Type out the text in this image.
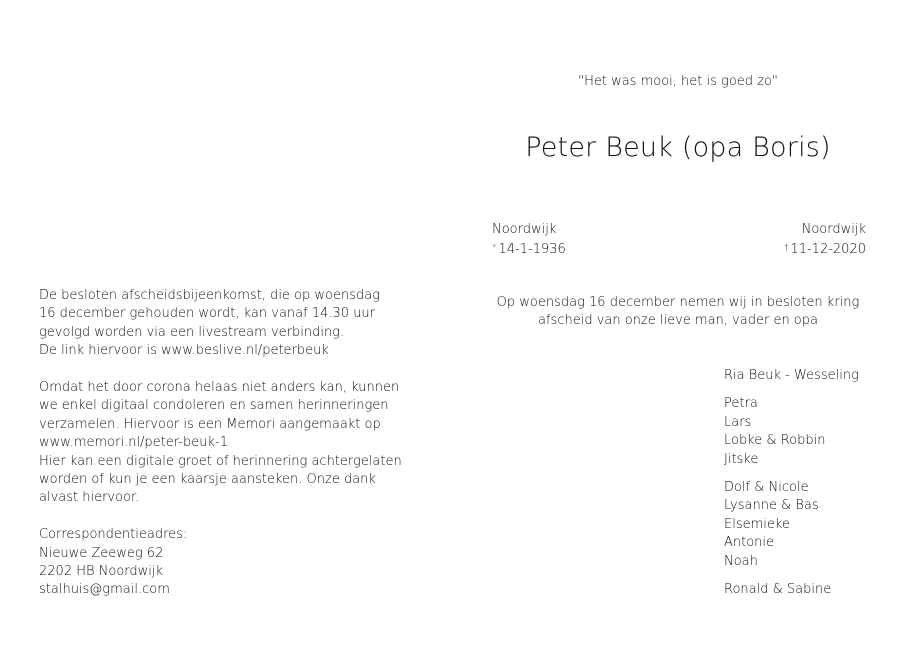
"Het was mooi, het is goed zo"
Peter Beuk (opa Boris)
Noordwijk
* 14-1-1936
Noordwijk
† 11-12-2020
Op woensdag 16 december nemen wij in besloten kring
afscheid van onze lieve man, vader en opa
Ria Beuk - Wesseling
Petra
Lars
Lobke & Robbin
Jitske
Dolf & Nicole
Lysanne & Bas
Elsemieke
Antonie
Noah
Ronald & Sabine
De besloten afscheidsbijeenkomst, die op woensdag
16 december gehouden wordt, kan vanaf 14.30 uur
gevolgd worden via een livestream verbinding.
De link hiervoor is www.beslive.nl/peterbeuk
Omdat het door corona helaas niet anders kan, kunnen
we enkel digitaal condoleren en samen herinneringen
verzamelen. Hiervoor is een Memori aangemaakt op
www.memori.nl/peter-beuk-1
Hier kan een digitale groet of herinnering achtergelaten
worden of kun je een kaarsje aansteken. Onze dank
alvast hiervoor.
Correspondentieadres:
Nieuwe Zeeweg 62
2202 HB Noordwijk
stalhuis@gmail.com
